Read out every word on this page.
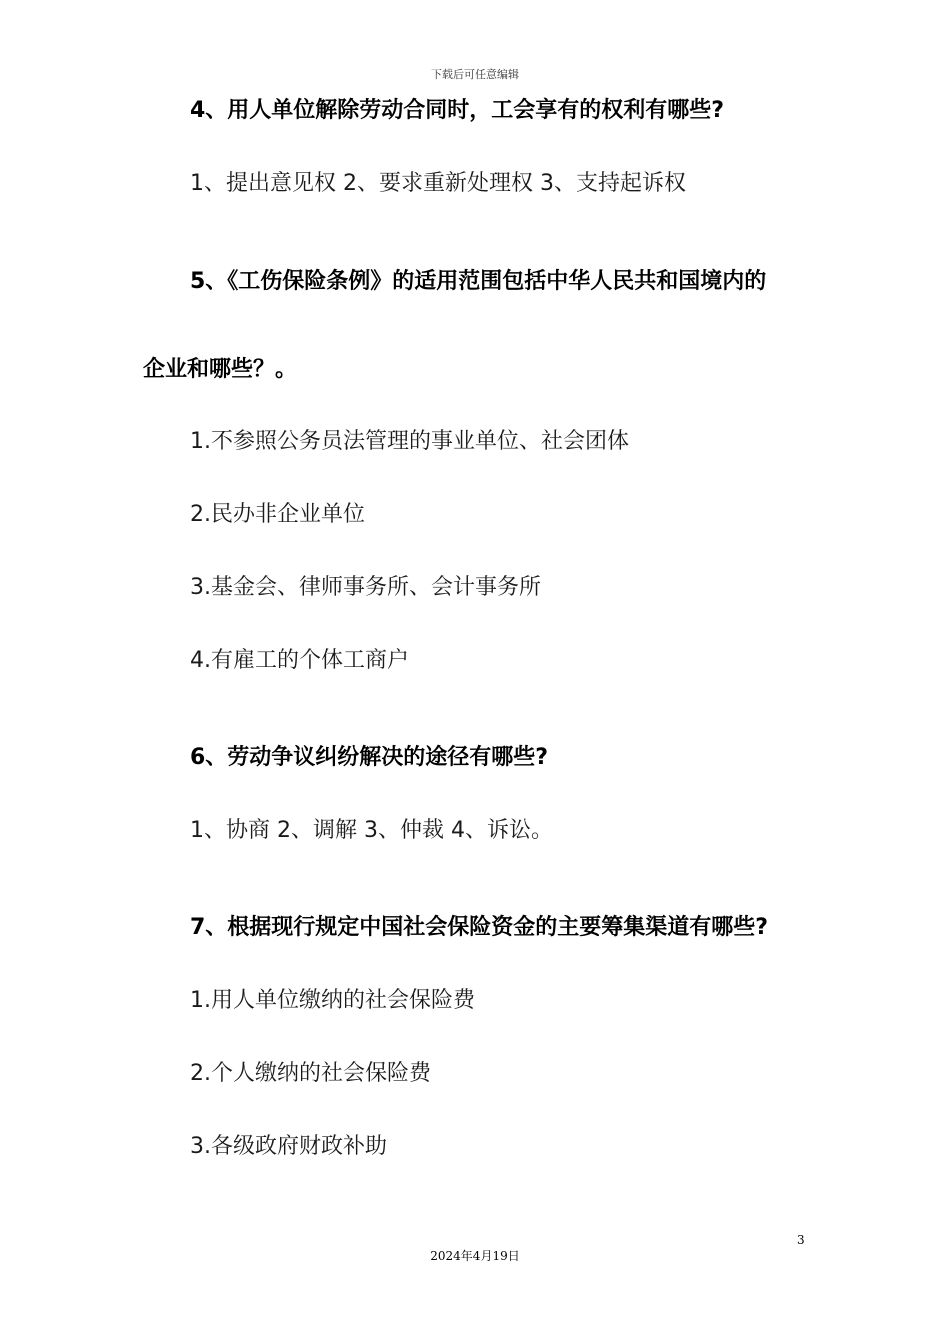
下载后可任意编辑
4、用人单位解除劳动合同时，工会享有的权利有哪些?
1、提出意见权 2、要求重新处理权 3、支持起诉权
5、《工伤保险条例》的适用范围包括中华人民共和国境内的
企业和哪些？。
1.不参照公务员法管理的事业单位、社会团体
2.民办非企业单位
3.基金会、律师事务所、会计事务所
4.有雇工的个体工商户
6、劳动争议纠纷解决的途径有哪些?
1、协商 2、调解 3、仲裁 4、诉讼。
7、根据现行规定中国社会保险资金的主要筹集渠道有哪些?
1.用人单位缴纳的社会保险费
2.个人缴纳的社会保险费
3.各级政府财政补助
3
2024年4月19日
